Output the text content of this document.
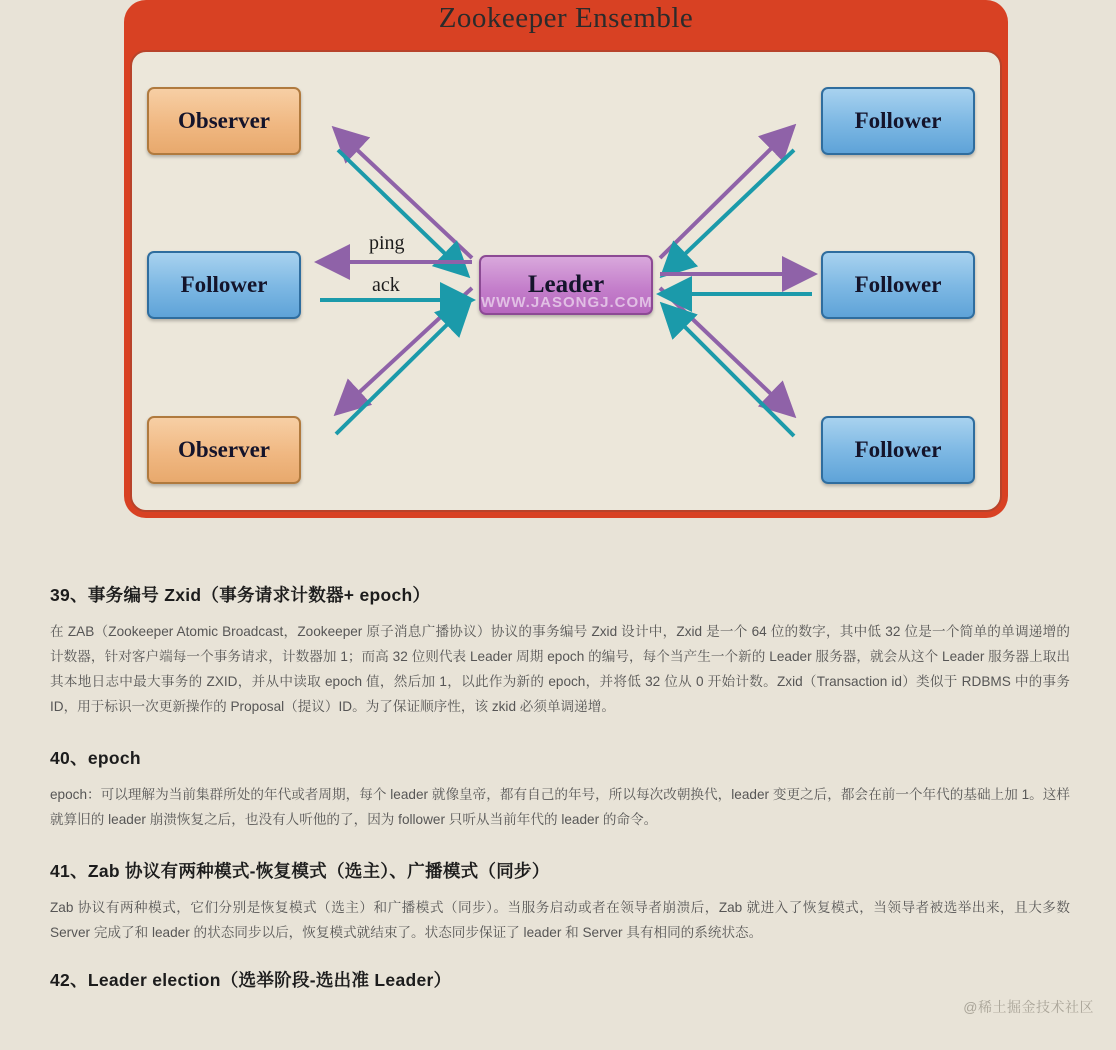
Zookeeper Ensemble
ping
ack
Observer
Follower
Observer
Follower
Follower
Follower
Leader
WWW.JASONGJ.COM
39、事务编号 Zxid（事务请求计数器+ epoch）

在 ZAB（Zookeeper Atomic Broadcast，Zookeeper 原子消息广播协议）协议的事务编号 Zxid 设计中，Zxid 是一个 64 位的数字，其中低 32 位是一个简单的单调递增的计数器，针对客户端每一个事务请求，计数器加 1；而高 32 位则代表 Leader 周期 epoch 的编号，每个当产生一个新的 Leader 服务器，就会从这个 Leader 服务器上取出其本地日志中最大事务的 ZXID，并从中读取 epoch 值，然后加 1，以此作为新的 epoch，并将低 32 位从 0 开始计数。Zxid（Transaction id）类似于 RDBMS 中的事务 ID，用于标识一次更新操作的 Proposal（提议）ID。为了保证顺序性，该 zkid 必须单调递增。

40、epoch

epoch：可以理解为当前集群所处的年代或者周期，每个 leader 就像皇帝，都有自己的年号，所以每次改朝换代，leader 变更之后，都会在前一个年代的基础上加 1。这样就算旧的 leader 崩溃恢复之后，也没有人听他的了，因为 follower 只听从当前年代的 leader 的命令。

41、Zab 协议有两种模式-恢复模式（选主）、广播模式（同步）

Zab 协议有两种模式，它们分别是恢复模式（选主）和广播模式（同步）。当服务启动或者在领导者崩溃后，Zab 就进入了恢复模式，当领导者被选举出来，且大多数 Server 完成了和 leader 的状态同步以后，恢复模式就结束了。状态同步保证了 leader 和 Server 具有相同的系统状态。

42、Leader election（选举阶段-选出准 Leader）
@稀土掘金技术社区
